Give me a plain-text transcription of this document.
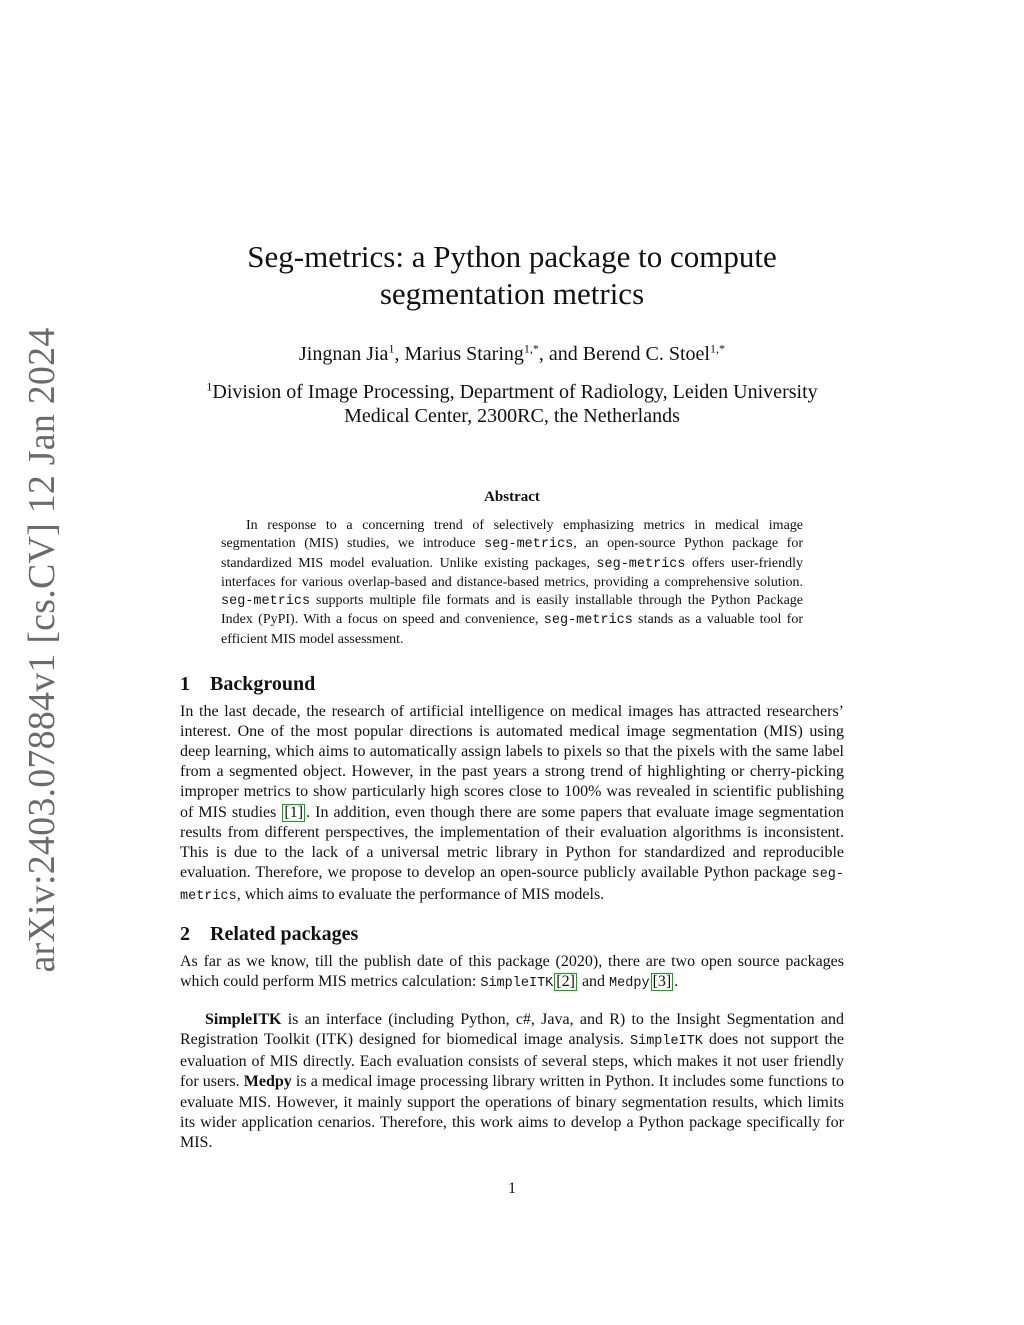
arXiv:2403.07884v1 [cs.CV] 12 Jan 2024
Seg-metrics: a Python package to compute segmentation metrics
Jingnan Jia$^1$, Marius Staring$^{1,*}$, and Berend C. Stoel$^{1,*}$
$^1$Division of Image Processing, Department of Radiology, Leiden University Medical Center, 2300RC, the Netherlands
Abstract

In response to a concerning trend of selectively emphasizing metrics in medical image segmentation (MIS) studies, we introduce seg-metrics, an open-source Python package for standardized MIS model evaluation. Unlike existing packages, seg-metrics offers user-friendly interfaces for various overlap-based and distance-based metrics, providing a comprehensive solution. seg-metrics supports multiple file formats and is easily installable through the Python Package Index (PyPI). With a focus on speed and convenience, seg-metrics stands as a valuable tool for efficient MIS model assessment.

1 Background

In the last decade, the research of artificial intelligence on medical images has attracted researchers’ interest. One of the most popular directions is automated medical image segmentation (MIS) using deep learning, which aims to automatically assign labels to pixels so that the pixels with the same label from a segmented object. However, in the past years a strong trend of highlighting or cherry-picking improper metrics to show particularly high scores close to 100% was revealed in scientific publishing of MIS studies [1] . In addition, even though there are some papers that evaluate image segmentation results from different perspectives, the implementation of their evaluation algorithms is inconsistent. This is due to the lack of a universal metric library in Python for standardized and reproducible evaluation. Therefore, we propose to develop an open-source publicly available Python package seg-metrics, which aims to evaluate the performance of MIS models.

2 Related packages

As far as we know, till the publish date of this package (2020), there are two open source packages which could perform MIS metrics calculation: SimpleITK [2] and Medpy [3] .

SimpleITK is an interface (including Python, c#, Java, and R) to the Insight Segmentation and Registration Toolkit (ITK) designed for biomedical image analysis. SimpleITK does not support the evaluation of MIS directly. Each evaluation consists of several steps, which makes it not user friendly for users. Medpy is a medical image processing library written in Python. It includes some functions to evaluate MIS. However, it mainly support the operations of binary segmentation results, which limits its wider application cenarios. Therefore, this work aims to develop a Python package specifically for MIS.

1
